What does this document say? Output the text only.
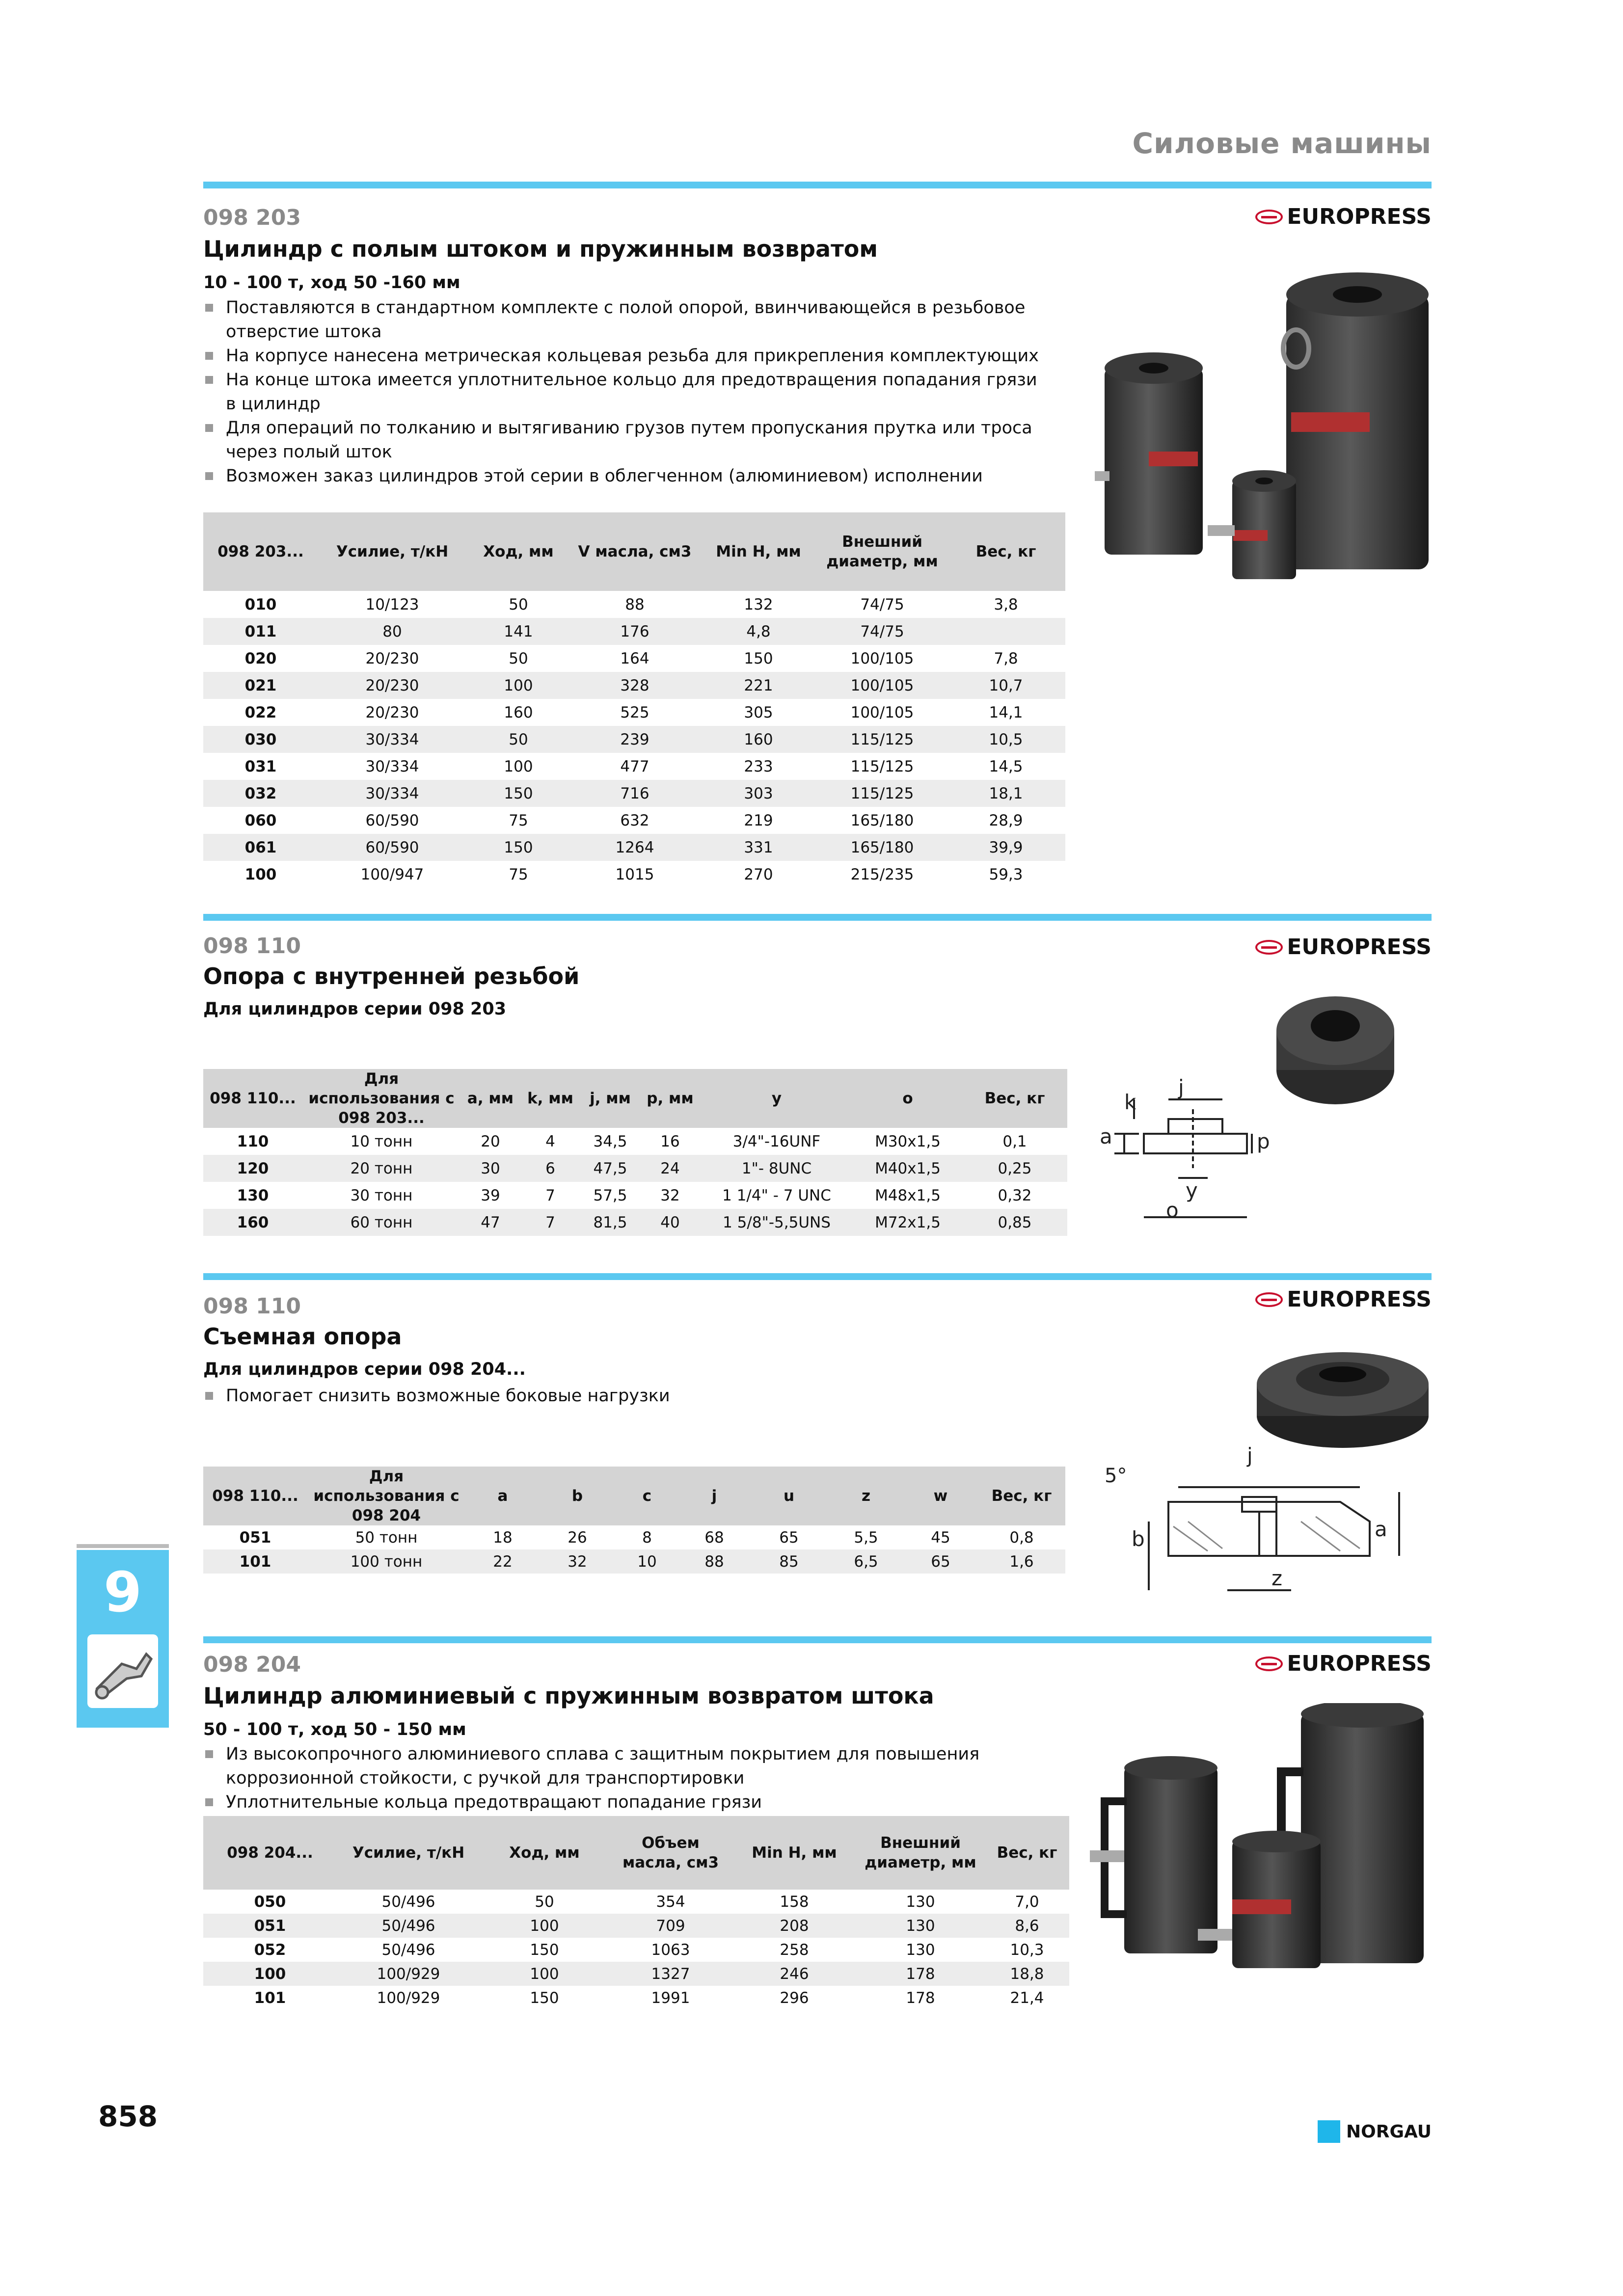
Силовые машины
098 203	EUROPRESS
Цилиндр с полым штоком и пружинным возвратом
10 - 100 т, ход 50 -160 мм
Поставляются в стандартном комплекте с полой опорой, ввинчивающейся в резьбовое отверстие штока
На корпусе нанесена метрическая кольцевая резьба для прикрепления комплектующих
На конце штока имеется уплотнительное кольцо для предотвращения попадания грязи в цилиндр
Для операций по толканию и вытягиванию грузов путем пропускания прутка или троса через полый шток
Возможен заказ цилиндров этой серии в облегченном (алюминиевом) исполнении
098 203...	Усилие, т/кН	Ход, мм	V масла, см3	Min H, мм	Внешний диаметр, мм	Вес, кг
010	10/123	50	88	132	74/75	3,8
011	80	141	176	4,8	74/75	
020	20/230	50	164	150	100/105	7,8
021	20/230	100	328	221	100/105	10,7
022	20/230	160	525	305	100/105	14,1
030	30/334	50	239	160	115/125	10,5
031	30/334	100	477	233	115/125	14,5
032	30/334	150	716	303	115/125	18,1
060	60/590	75	632	219	165/180	28,9
061	60/590	150	1264	331	165/180	39,9
100	100/947	75	1015	270	215/235	59,3
098 110	EUROPRESS
Опора с внутренней резьбой
Для цилиндров серии 098 203
a
k
j
p
y
o
098 110...	Для использования с 098 203...	a, мм	k, мм	j, мм	p, мм	y	o	Вес, кг
110	10 тонн	20	4	34,5	16	3/4"-16UNF	M30x1,5	0,1
120	20 тонн	30	6	47,5	24	1"- 8UNC	M40x1,5	0,25
130	30 тонн	39	7	57,5	32	1 1/4" - 7 UNC	M48x1,5	0,32
160	60 тонн	47	7	81,5	40	1 5/8"-5,5UNS	M72x1,5	0,85
098 110	EUROPRESS
Съемная опора
Для цилиндров серии 098 204...
Помогает снизить возможные боковые нагрузки
5°
j
a
b
z
098 110...	Для использования с 098 204	a	b	c	j	u	z	w	Вес, кг
051	50 тонн	18	26	8	68	65	5,5	45	0,8
101	100 тонн	22	32	10	88	85	6,5	65	1,6
098 204	EUROPRESS
Цилиндр алюминиевый с пружинным возвратом штока
50 - 100 т, ход 50 - 150 мм
Из высокопрочного алюминиевого сплава с защитным покрытием для повышения коррозионной стойкости, с ручкой для транспортировки
Уплотнительные кольца предотвращают попадание грязи
098 204...	Усилие, т/кН	Ход, мм	Объем масла, см3	Min H, мм	Внешний диаметр, мм	Вес, кг
050	50/496	50	354	158	130	7,0
051	50/496	100	709	208	130	8,6
052	50/496	150	1063	258	130	10,3
100	100/929	100	1327	246	178	18,8
101	100/929	150	1991	296	178	21,4
9
858	NORGAU
